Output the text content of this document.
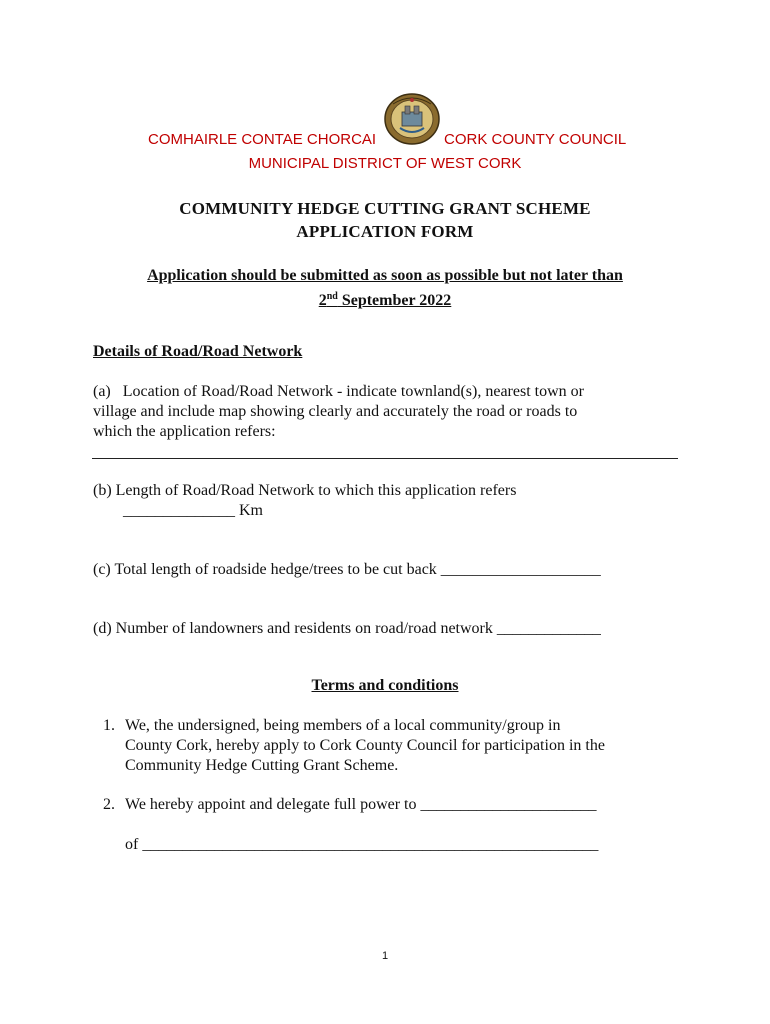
COMHAIRLE CONTAE CHORCAI	CORK COUNTY COUNCIL
MUNICIPAL DISTRICT OF WEST CORK
COMMUNITY HEDGE CUTTING GRANT SCHEME
APPLICATION FORM
Application should be submitted as soon as possible but not later than
2nd September 2022
Details of Road/Road Network
(a) Location of Road/Road Network - indicate townland(s), nearest town or
village and include map showing clearly and accurately the road or roads to
which the application refers:
(b) Length of Road/Road Network to which this application refers
______________ Km
(c) Total length of roadside hedge/trees to be cut back ____________________
(d) Number of landowners and residents on road/road network _____________
Terms and conditions
1. We, the undersigned, being members of a local community/group in
County Cork, hereby apply to Cork County Council for participation in the
Community Hedge Cutting Grant Scheme.
2. We hereby appoint and delegate full power to ______________________
of _________________________________________________________
1
